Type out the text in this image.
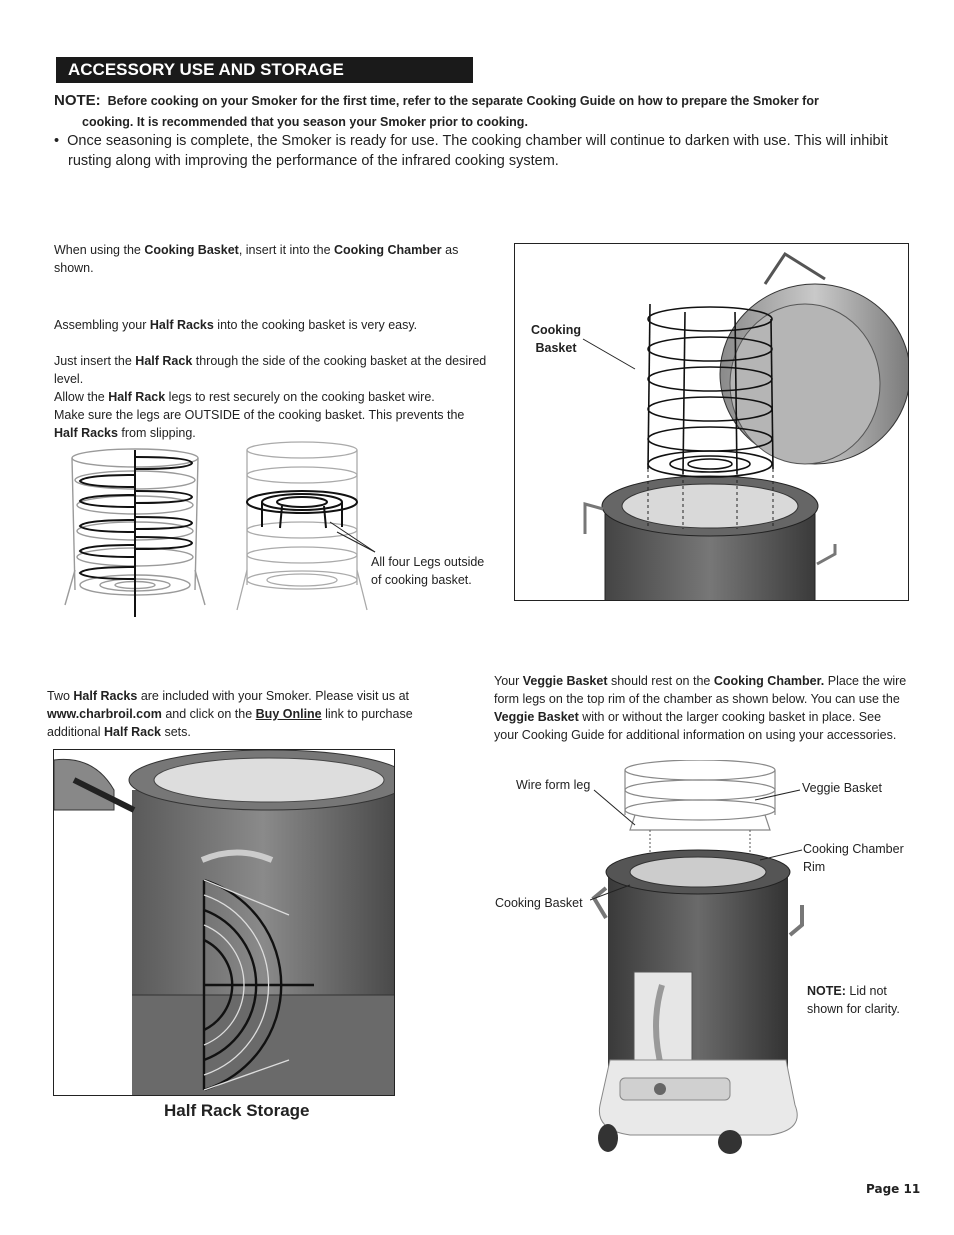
ACCESSORY USE AND STORAGE
NOTE: Before cooking on your Smoker for the first time, refer to the separate Cooking Guide on how to prepare the Smoker for
cooking. It is recommended that you season your Smoker prior to cooking.
• Once seasoning is complete, the Smoker is ready for use. The cooking chamber will continue to darken with use. This will inhibit
rusting along with improving the performance of the infrared cooking system.
When using the Cooking Basket, insert it into the Cooking Chamber as
shown.
Assembling your Half Racks into the cooking basket is very easy.
Just insert the Half Rack through the side of the cooking basket at the desired
level.
Allow the Half Rack legs to rest securely on the cooking basket wire.
Make sure the legs are OUTSIDE of the cooking basket. This prevents the
Half Racks from slipping.
All four Legs outside
of cooking basket.
Cooking
Basket
Two Half Racks are included with your Smoker. Please visit us at
www.charbroil.com and click on the Buy Online link to purchase
additional Half Rack sets.
Half Rack Storage
Your Veggie Basket should rest on the Cooking Chamber. Place the wire
form legs on the top rim of the chamber as shown below. You can use the
Veggie Basket with or without the larger cooking basket in place. See
your Cooking Guide for additional information on using your accessories.
Wire form leg	Veggie Basket
Cooking Chamber
Rim
Cooking Basket
NOTE: Lid not
shown for clarity.
Page 11
